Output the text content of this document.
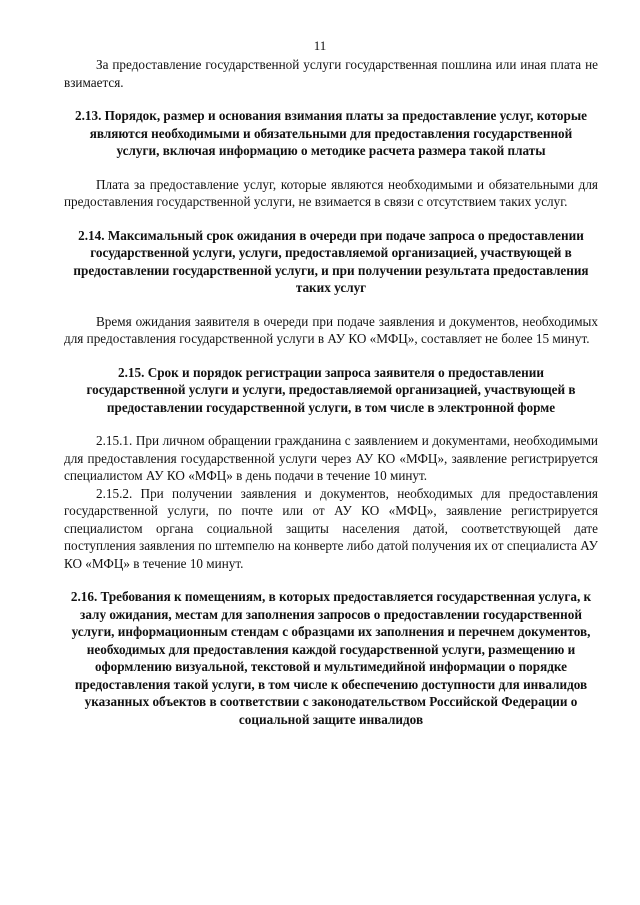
11

За предоставление государственной услуги государственная пошлина или иная плата не взимается.

2.13. Порядок, размер и основания взимания платы за предоставление услуг, которые являются необходимыми и обязательными для предоставления государственной услуги, включая информацию о методике расчета размера такой платы

Плата за предоставление услуг, которые являются необходимыми и обязательными для предоставления государственной услуги, не взимается в связи с отсутствием таких услуг.

2.14. Максимальный срок ожидания в очереди при подаче запроса о предоставлении государственной услуги, услуги, предоставляемой организацией, участвующей в предоставлении государственной услуги, и при получении результата предоставления таких услуг

Время ожидания заявителя в очереди при подаче заявления и документов, необходимых для предоставления государственной услуги в АУ КО «МФЦ», составляет не более 15 минут.

2.15. Срок и порядок регистрации запроса заявителя о предоставлении государственной услуги и услуги, предоставляемой организацией, участвующей в предоставлении государственной услуги, в том числе в электронной форме

2.15.1. При личном обращении гражданина с заявлением и документами, необходимыми для предоставления государственной услуги через АУ КО «МФЦ», заявление регистрируется специалистом АУ КО «МФЦ» в день подачи в течение 10 минут.

2.15.2. При получении заявления и документов, необходимых для предоставления государственной услуги, по почте или от АУ КО «МФЦ», заявление регистрируется специалистом органа социальной защиты населения датой, соответствующей дате поступления заявления по штемпелю на конверте либо датой получения их от специалиста АУ КО «МФЦ» в течение 10 минут.

2.16. Требования к помещениям, в которых предоставляется государственная услуга, к залу ожидания, местам для заполнения запросов о предоставлении государственной услуги, информационным стендам с образцами их заполнения и перечнем документов, необходимых для предоставления каждой государственной услуги, размещению и оформлению визуальной, текстовой и мультимедийной информации о порядке предоставления такой услуги, в том числе к обеспечению доступности для инвалидов указанных объектов в соответствии с законодательством Российской Федерации о социальной защите инвалидов
